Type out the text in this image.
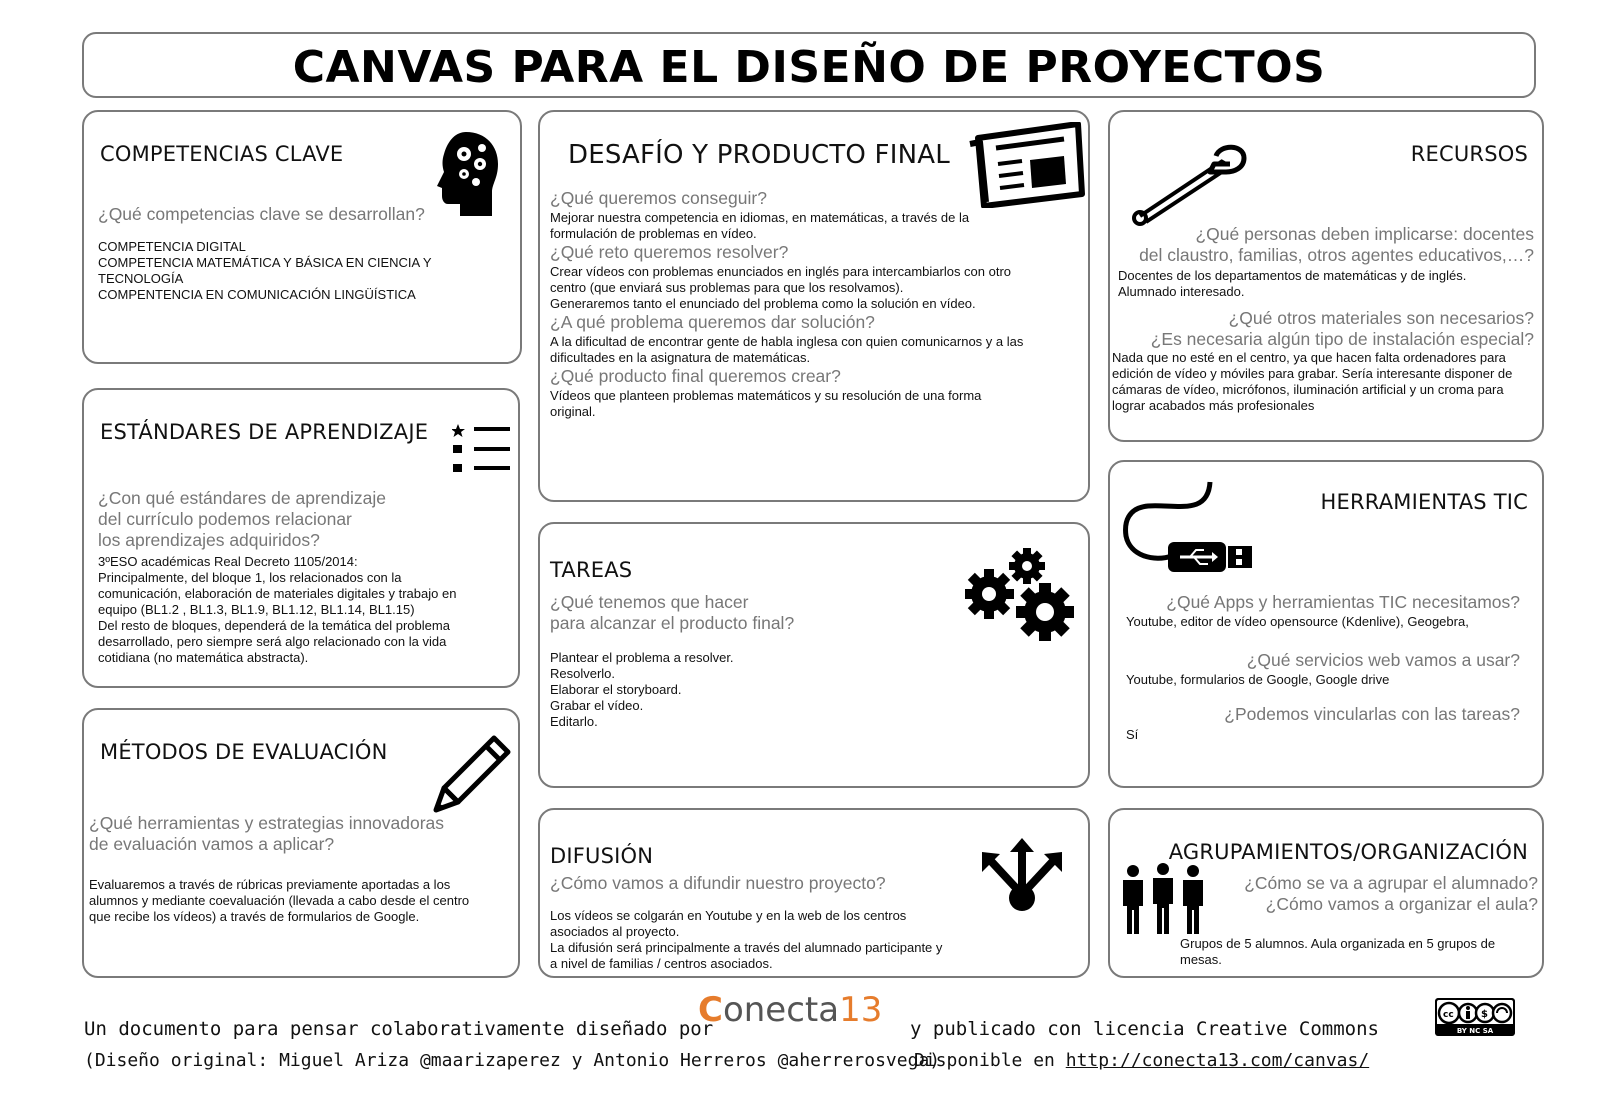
CANVAS PARA EL DISEÑO DE PROYECTOS
COMPETENCIAS CLAVE
¿Qué competencias clave se desarrollan?
COMPETENCIA DIGITAL
COMPETENCIA MATEMÁTICA Y BÁSICA EN CIENCIA Y TECNOLOGÍA
COMPENTENCIA EN COMUNICACIÓN LINGÜÍSTICA
ESTÁNDARES DE APRENDIZAJE
¿Con qué estándares de aprendizaje
del currículo podemos relacionar
los aprendizajes adquiridos?
3ºESO académicas Real Decreto 1105/2014:
Principalmente, del bloque 1, los relacionados con la comunicación, elaboración de materiales digitales y trabajo en equipo (BL1.2 , BL1.3, BL1.9, BL1.12, BL1.14, BL1.15)
Del resto de bloques, dependerá de la temática del problema desarrollado, pero siempre será algo relacionado con la vida cotidiana (no matemática abstracta).
MÉTODOS DE EVALUACIÓN
¿Qué herramientas y estrategias innovadoras
de evaluación vamos a aplicar?
Evaluaremos a través de rúbricas previamente aportadas a los alumnos y mediante coevaluación (llevada a cabo desde el centro que recibe los vídeos) a través de formularios de Google.
DESAFÍO Y PRODUCTO FINAL
¿Qué queremos conseguir?
Mejorar nuestra competencia en idiomas, en matemáticas, a través de la formulación de problemas en vídeo.
¿Qué reto queremos resolver?
Crear vídeos con problemas enunciados en inglés para intercambiarlos con otro centro (que enviará sus problemas para que los resolvamos).
Generaremos tanto el enunciado del problema como la solución en vídeo.
¿A qué problema queremos dar solución?
A la dificultad de encontrar gente de habla inglesa con quien comunicarnos y a las dificultades en la asignatura de matemáticas.
¿Qué producto final queremos crear?
Vídeos que planteen problemas matemáticos y su resolución de una forma original.
TAREAS
¿Qué tenemos que hacer
para alcanzar el producto final?
Plantear el problema a resolver.
Resolverlo.
Elaborar el storyboard.
Grabar el vídeo.
Editarlo.
DIFUSIÓN
¿Cómo vamos a difundir nuestro proyecto?
Los vídeos se colgarán en Youtube y en la web de los centros asociados al proyecto.
La difusión será principalmente a través del alumnado participante y a nivel de familias / centros asociados.
RECURSOS
¿Qué personas deben implicarse: docentes
del claustro, familias, otros agentes educativos,…?
Docentes de los departamentos de matemáticas y de inglés.
Alumnado interesado.
¿Qué otros materiales son necesarios?
¿Es necesaria algún tipo de instalación especial?
Nada que no esté en el centro, ya que hacen falta ordenadores para edición de vídeo y móviles para grabar. Sería interesante disponer de cámaras de vídeo, micrófonos, iluminación artificial y un croma para lograr acabados más profesionales
HERRAMIENTAS TIC
¿Qué Apps y herramientas TIC necesitamos?
Youtube, editor de vídeo opensource (Kdenlive), Geogebra,
¿Qué servicios web vamos a usar?
Youtube, formularios de Google, Google drive
¿Podemos vincularlas con las tareas?
Sí
AGRUPAMIENTOS/ORGANIZACIÓN
¿Cómo se va a agrupar el alumnado?
¿Cómo vamos a organizar el aula?
Grupos de 5 alumnos. Aula organizada en 5 grupos de mesas.
Un documento para pensar colaborativamente diseñado por
Conecta13 y publicado con licencia Creative Commons
(Diseño original: Miguel Ariza @maarizaperez y Antonio Herreros @aherrerosvega)
Disponible en http://conecta13.com/canvas/
cc	$
BY NC SA
